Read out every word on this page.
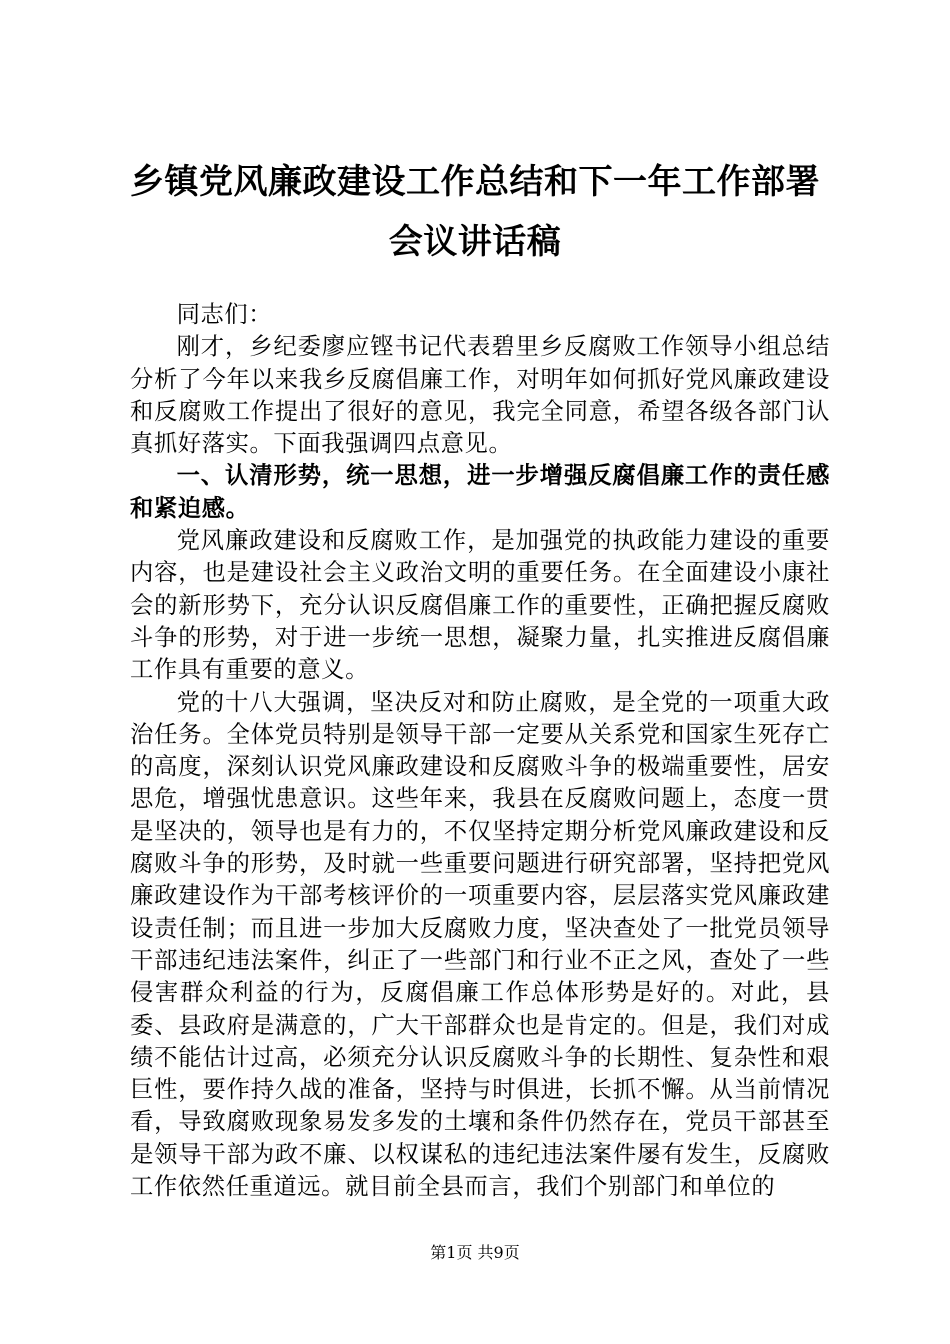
乡镇党风廉政建设工作总结和下一年工作部署
会议讲话稿

同志们：

刚才，乡纪委廖应铿书记代表碧里乡反腐败工作领导小组总结分析了今年以来我乡反腐倡廉工作，对明年如何抓好党风廉政建设和反腐败工作提出了很好的意见，我完全同意，希望各级各部门认真抓好落实。下面我强调四点意见。

一、认清形势，统一思想，进一步增强反腐倡廉工作的责任感和紧迫感。

党风廉政建设和反腐败工作，是加强党的执政能力建设的重要内容，也是建设社会主义政治文明的重要任务。在全面建设小康社会的新形势下，充分认识反腐倡廉工作的重要性，正确把握反腐败斗争的形势，对于进一步统一思想，凝聚力量，扎实推进反腐倡廉工作具有重要的意义。

党的十八大强调，坚决反对和防止腐败，是全党的一项重大政治任务。全体党员特别是领导干部一定要从关系党和国家生死存亡的高度，深刻认识党风廉政建设和反腐败斗争的极端重要性，居安思危，增强忧患意识。这些年来，我县在反腐败问题上，态度一贯是坚决的，领导也是有力的，不仅坚持定期分析党风廉政建设和反腐败斗争的形势，及时就一些重要问题进行研究部署，坚持把党风廉政建设作为干部考核评价的一项重要内容，层层落实党风廉政建设责任制；而且进一步加大反腐败力度，坚决查处了一批党员领导干部违纪违法案件，纠正了一些部门和行业不正之风，查处了一些侵害群众利益的行为，反腐倡廉工作总体形势是好的。对此，县委、县政府是满意的，广大干部群众也是肯定的。但是，我们对成绩不能估计过高，必须充分认识反腐败斗争的长期性、复杂性和艰巨性，要作持久战的准备，坚持与时俱进，长抓不懈。从当前情况看，导致腐败现象易发多发的土壤和条件仍然存在，党员干部甚至是领导干部为政不廉、以权谋私的违纪违法案件屡有发生，反腐败工作依然任重道远。就目前全县而言，我们个别部门和单位的

第1页 共9页
